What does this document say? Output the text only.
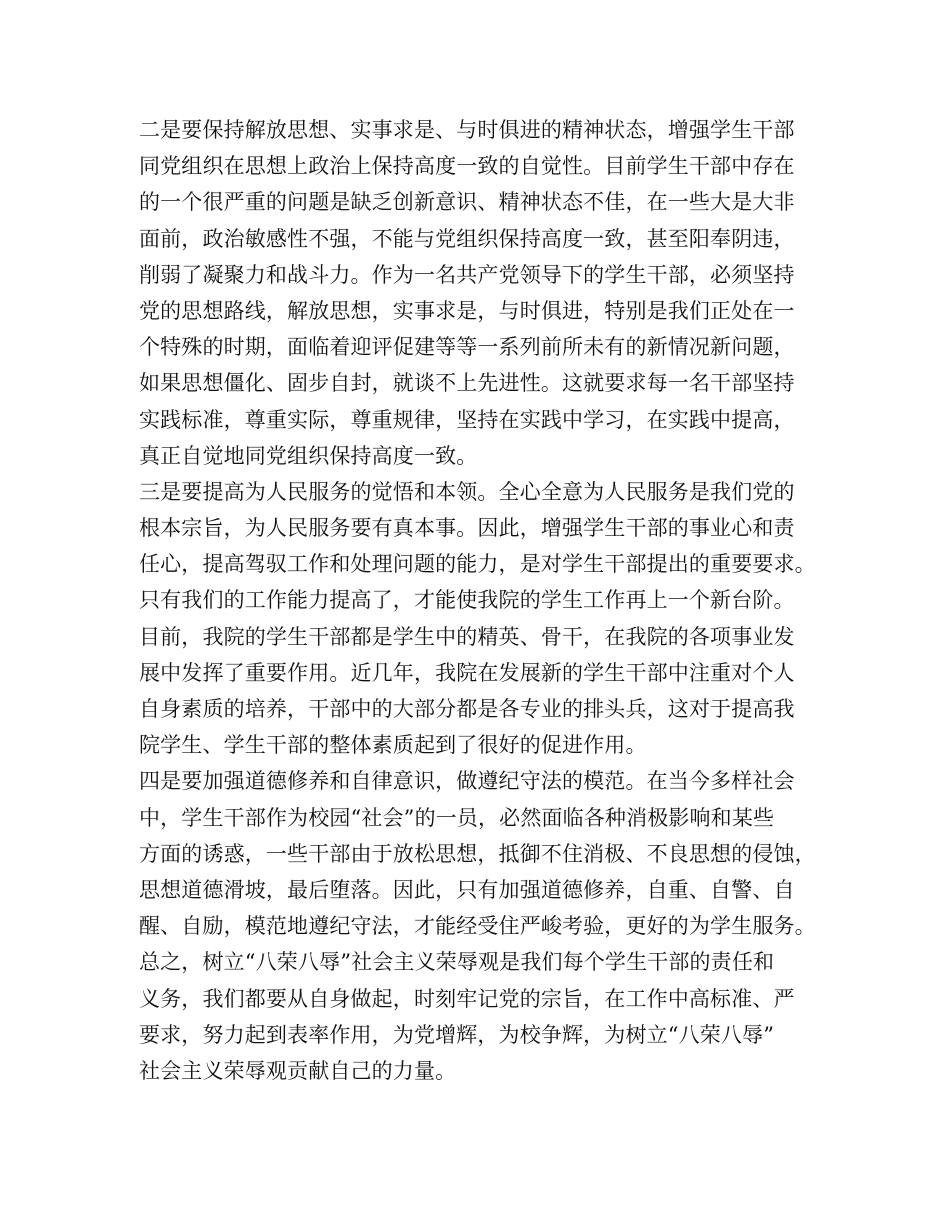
二是要保持解放思想、实事求是、与时俱进的精神状态，增强学生干部
同党组织在思想上政治上保持高度一致的自觉性。目前学生干部中存在
的一个很严重的问题是缺乏创新意识、精神状态不佳，在一些大是大非
面前，政治敏感性不强，不能与党组织保持高度一致，甚至阳奉阴违，
削弱了凝聚力和战斗力。作为一名共产党领导下的学生干部，必须坚持
党的思想路线，解放思想，实事求是，与时俱进，特别是我们正处在一
个特殊的时期，面临着迎评促建等等一系列前所未有的新情况新问题，
如果思想僵化、固步自封，就谈不上先进性。这就要求每一名干部坚持
实践标准，尊重实际，尊重规律，坚持在实践中学习，在实践中提高，
真正自觉地同党组织保持高度一致。
三是要提高为人民服务的觉悟和本领。全心全意为人民服务是我们党的
根本宗旨，为人民服务要有真本事。因此，增强学生干部的事业心和责
任心，提高驾驭工作和处理问题的能力，是对学生干部提出的重要要求。
只有我们的工作能力提高了，才能使我院的学生工作再上一个新台阶。
目前，我院的学生干部都是学生中的精英、骨干，在我院的各项事业发
展中发挥了重要作用。近几年，我院在发展新的学生干部中注重对个人
自身素质的培养，干部中的大部分都是各专业的排头兵，这对于提高我
院学生、学生干部的整体素质起到了很好的促进作用。
四是要加强道德修养和自律意识，做遵纪守法的模范。在当今多样社会
中，学生干部作为校园“社会”的一员，必然面临各种消极影响和某些
方面的诱惑，一些干部由于放松思想，抵御不住消极、不良思想的侵蚀，
思想道德滑坡，最后堕落。因此，只有加强道德修养，自重、自警、自
醒、自励，模范地遵纪守法，才能经受住严峻考验，更好的为学生服务。
总之，树立“八荣八辱”社会主义荣辱观是我们每个学生干部的责任和
义务，我们都要从自身做起，时刻牢记党的宗旨，在工作中高标准、严
要求，努力起到表率作用，为党增辉，为校争辉，为树立“八荣八辱”
社会主义荣辱观贡献自己的力量。
